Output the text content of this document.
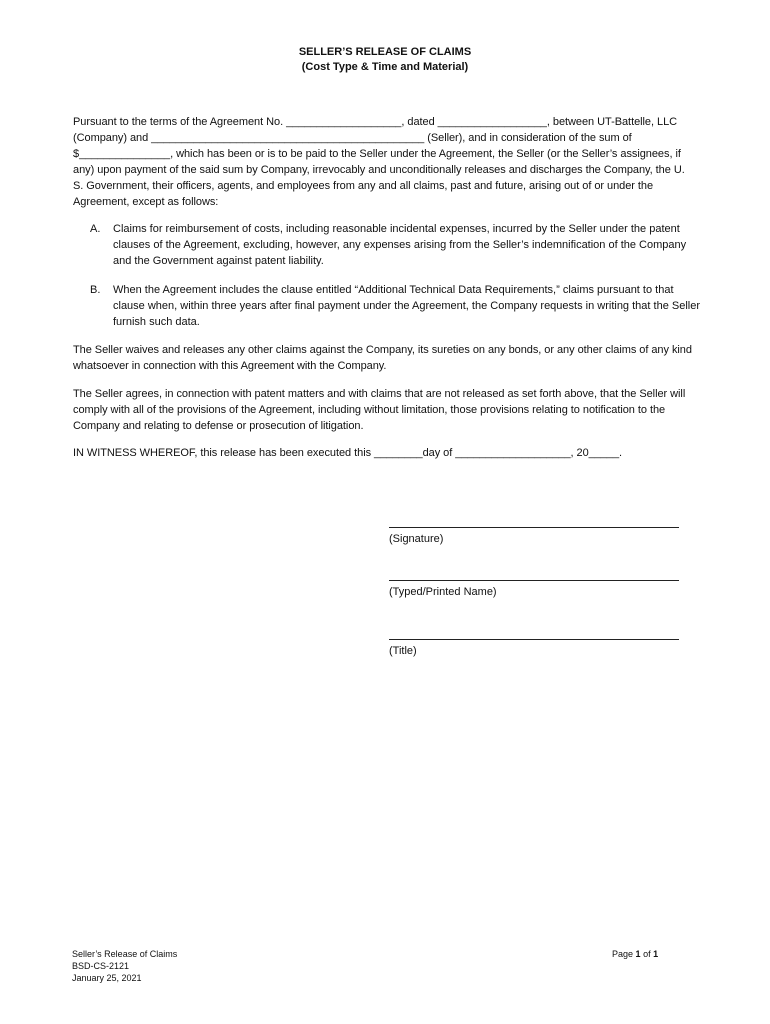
SELLER’S RELEASE OF CLAIMS
(Cost Type & Time and Material)

Pursuant to the terms of the Agreement No. ___________________, dated __________________, between UT-Battelle, LLC (Company) and _____________________________________________ (Seller), and in consideration of the sum of $_______________, which has been or is to be paid to the Seller under the Agreement, the Seller (or the Seller’s assignees, if any) upon payment of the said sum by Company, irrevocably and unconditionally releases and discharges the Company, the U. S. Government, their officers, agents, and employees from any and all claims, past and future, arising out of or under the Agreement, except as follows:

A. Claims for reimbursement of costs, including reasonable incidental expenses, incurred by the Seller under the patent clauses of the Agreement, excluding, however, any expenses arising from the Seller’s indemnification of the Company and the Government against patent liability.
B. When the Agreement includes the clause entitled “Additional Technical Data Requirements,” claims pursuant to that clause when, within three years after final payment under the Agreement, the Company requests in writing that the Seller furnish such data.

The Seller waives and releases any other claims against the Company, its sureties on any bonds, or any other claims of any kind whatsoever in connection with this Agreement with the Company.

The Seller agrees, in connection with patent matters and with claims that are not released as set forth above, that the Seller will comply with all of the provisions of the Agreement, including without limitation, those provisions relating to notification to the Company and relating to defense or prosecution of litigation.

IN WITNESS WHEREOF, this release has been executed this ________day of ___________________, 20_____.

(Signature)
(Typed/Printed Name)
(Title)
Seller’s Release of Claims
BSD-CS-2121
January 25, 2021
Page 1 of 1
